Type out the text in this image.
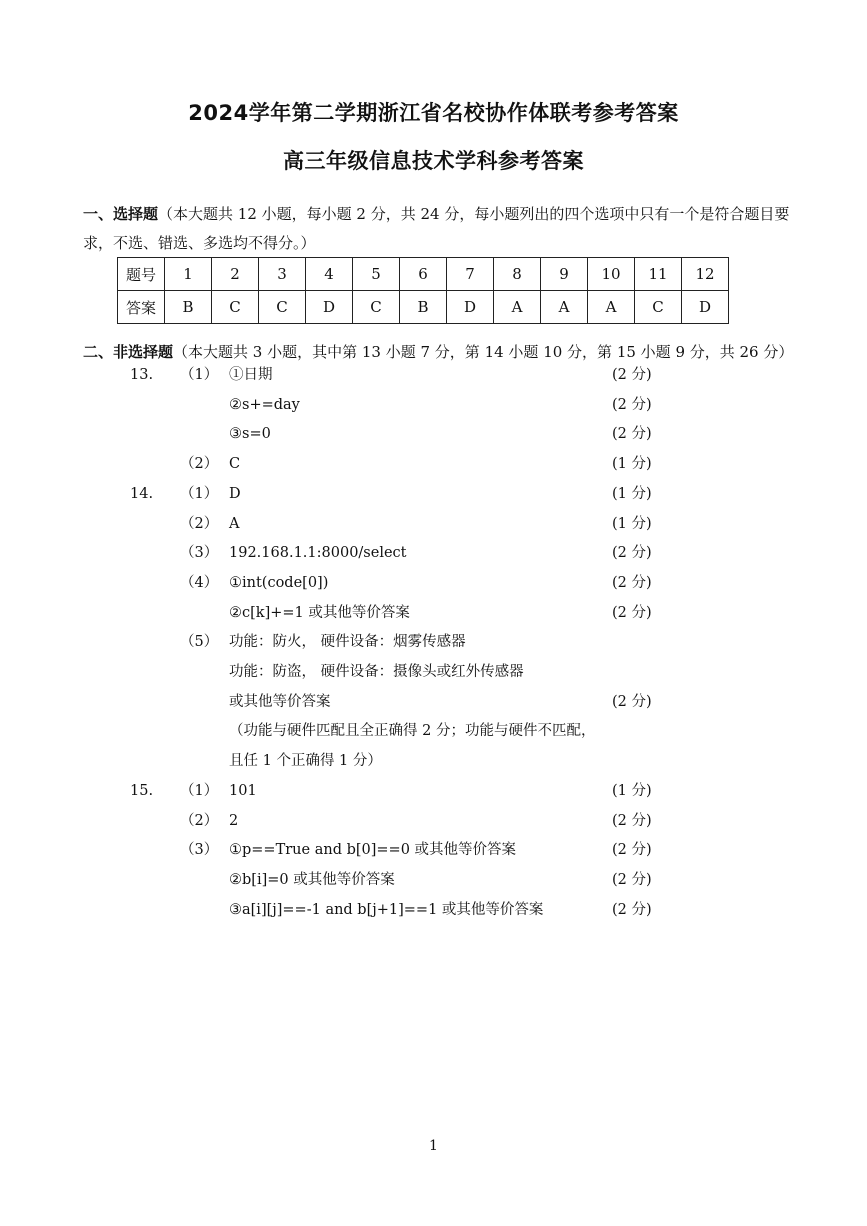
2024学年第二学期浙江省名校协作体联考参考答案
高三年级信息技术学科参考答案
一、选择题（本大题共 12 小题，每小题 2 分，共 24 分，每小题列出的四个选项中只有一个是符合题目要求，不选、错选、多选均不得分。）
题号	1	2	3	4	5	6	7	8	9	10	11	12
答案	B	C	C	D	C	B	D	A	A	A	C	D
二、非选择题（本大题共 3 小题，其中第 13 小题 7 分，第 14 小题 10 分，第 15 小题 9 分，共 26 分）
13. （1） ①日期	(2 分)
②s+=day	(2 分)
③s=0	(2 分)
（2） C	(1 分)
14. （1） D	(1 分)
（2） A	(1 分)
（3） 192.168.1.1:8000/select	(2 分)
（4） ①int(code[0])	(2 分)
②c[k]+=1 或其他等价答案	(2 分)
（5） 功能：防火， 硬件设备：烟雾传感器
功能：防盗， 硬件设备：摄像头或红外传感器
或其他等价答案	(2 分)
（功能与硬件匹配且全正确得 2 分；功能与硬件不匹配，
且任 1 个正确得 1 分）
15. （1） 101	(1 分)
（2） 2	(2 分)
（3） ①p==True and b[0]==0 或其他等价答案	(2 分)
②b[i]=0 或其他等价答案	(2 分)
③a[i][j]==-1 and b[j+1]==1 或其他等价答案	(2 分)
1
